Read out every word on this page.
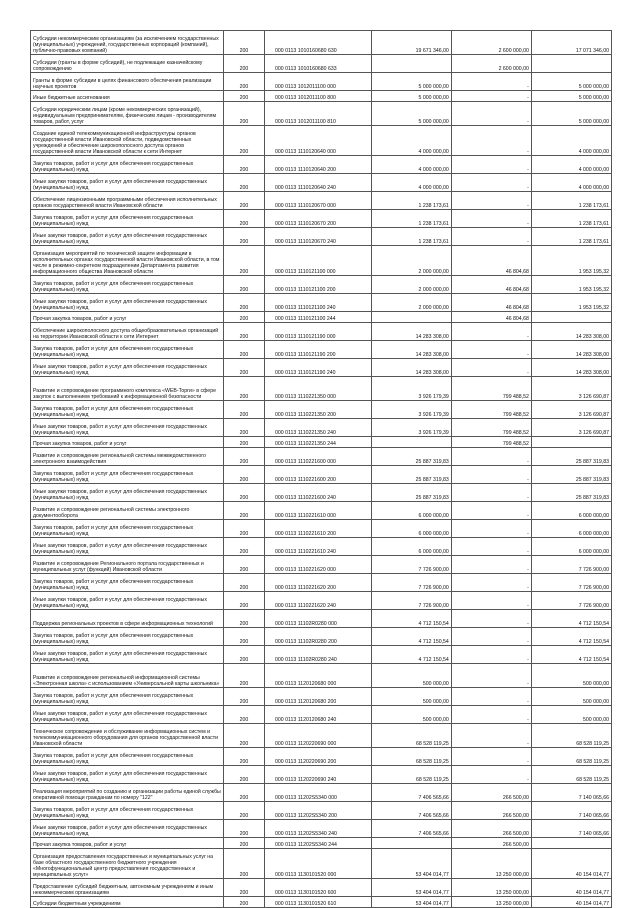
Субсидии некоммерческим организациям (за исключением государственных (муниципальных) учреждений, государственных корпораций (компаний), публично-правовых компаний)	200	000 0113 1010160680 630	19 671 346,00	2 600 000,00	17 071 346,00
Субсидии (гранты в форме субсидий), не подлежащие казначейскому сопровождению	200	000 0113 1010160680 633		2 600 000,00	
Гранты в форме субсидии в целях финансового обеспечения реализации научных проектов	200	000 0113 1012011100 000	5 000 000,00	-	5 000 000,00
Иные бюджетные ассигнования	200	000 0113 1012011100 800	5 000 000,00	-	5 000 000,00
Субсидии юридическим лицам (кроме некоммерческих организаций), индивидуальным предпринимателям, физическим лицам - производителям товаров, работ, услуг	200	000 0113 1012011100 810	5 000 000,00	-	5 000 000,00
Создание единой телекоммуникационной инфраструктуры органов государственной власти Ивановской области, подведомственных учреждений и обеспечение широкополосного доступа органов государственной власти Ивановской области к сети Интернет	200	000 0113 1110120640 000	4 000 000,00	-	4 000 000,00
Закупка товаров, работ и услуг для обеспечения государственных (муниципальных) нужд	200	000 0113 1110120640 200	4 000 000,00	-	4 000 000,00
Иные закупки товаров, работ и услуг для обеспечения государственных (муниципальных) нужд	200	000 0113 1110120640 240	4 000 000,00	-	4 000 000,00
Обеспечение лицензионными программными обеспечения исполнительных органов государственной власти Ивановской области	200	000 0113 1110120670 000	1 238 173,61	-	1 238 173,61
Закупка товаров, работ и услуг для обеспечения государственных (муниципальных) нужд	200	000 0113 1110120670 200	1 238 173,61	-	1 238 173,61
Иные закупки товаров, работ и услуг для обеспечения государственных (муниципальных) нужд	200	000 0113 1110120670 240	1 238 173,61	-	1 238 173,61
Организация мероприятий по технической защите информации в исполнительных органах государственной власти Ивановской области, в том числе в режимно-секретном подразделении Департамента развития информационного общества Ивановской области	200	000 0113 1110121100 000	2 000 000,00	46 804,68	1 953 195,32
Закупка товаров, работ и услуг для обеспечения государственных (муниципальных) нужд	200	000 0113 1110121100 200	2 000 000,00	46 804,68	1 953 195,32
Иные закупки товаров, работ и услуг для обеспечения государственных (муниципальных) нужд	200	000 0113 1110121100 240	2 000 000,00	46 804,68	1 953 195,32
Прочая закупка товаров, работ и услуг	200	000 0113 1110121100 244		46 804,68	
Обеспечение широкополосного доступа общеобразовательных организаций на территории Ивановской области к сети Интернет	200	000 0113 1110121190 000	14 283 308,00	-	14 283 308,00
Закупка товаров, работ и услуг для обеспечения государственных (муниципальных) нужд	200	000 0113 1110121190 200	14 283 308,00	-	14 283 308,00
Иные закупки товаров, работ и услуг для обеспечения государственных (муниципальных) нужд	200	000 0113 1110121190 240	14 283 308,00	-	14 283 308,00
Развитие и сопровождение программного комплекса «WEB-Торги» в сфере закупок с выполнением требований к информационной безопасности	200	000 0113 1110221350 000	3 926 179,39	799 488,52	3 126 690,87
Закупка товаров, работ и услуг для обеспечения государственных (муниципальных) нужд	200	000 0113 1110221350 200	3 926 179,39	799 488,52	3 126 690,87
Иные закупки товаров, работ и услуг для обеспечения государственных (муниципальных) нужд	200	000 0113 1110221350 240	3 926 179,39	799 488,52	3 126 690,87
Прочая закупка товаров, работ и услуг	200	000 0113 1110221350 244		799 488,52	
Развитие и сопровождение региональной системы межведомственного электронного взаимодействия	200	000 0113 1110221600 000	25 887 319,83	-	25 887 319,83
Закупка товаров, работ и услуг для обеспечения государственных (муниципальных) нужд	200	000 0113 1110221600 200	25 887 319,83	-	25 887 319,83
Иные закупки товаров, работ и услуг для обеспечения государственных (муниципальных) нужд	200	000 0113 1110221600 240	25 887 319,83	-	25 887 319,83
Развитие и сопровождение региональной системы электронного документооборота	200	000 0113 1110221610 000	6 000 000,00	-	6 000 000,00
Закупка товаров, работ и услуг для обеспечения государственных (муниципальных) нужд	200	000 0113 1110221610 200	6 000 000,00	-	6 000 000,00
Иные закупки товаров, работ и услуг для обеспечения государственных (муниципальных) нужд	200	000 0113 1110221610 240	6 000 000,00	-	6 000 000,00
Развитие и сопровождение Регионального портала государственных и муниципальных услуг (функций) Ивановской области	200	000 0113 1110221620 000	7 726 900,00	-	7 726 900,00
Закупка товаров, работ и услуг для обеспечения государственных (муниципальных) нужд	200	000 0113 1110221620 200	7 726 900,00	-	7 726 900,00
Иные закупки товаров, работ и услуг для обеспечения государственных (муниципальных) нужд	200	000 0113 1110221620 240	7 726 900,00	-	7 726 900,00
Поддержка региональных проектов в сфере информационных технологий	200	000 0113 11102R0280 000	4 712 150,54	-	4 712 150,54
Закупка товаров, работ и услуг для обеспечения государственных (муниципальных) нужд	200	000 0113 11102R0280 200	4 712 150,54	-	4 712 150,54
Иные закупки товаров, работ и услуг для обеспечения государственных (муниципальных) нужд	200	000 0113 11102R0280 240	4 712 150,54	-	4 712 150,54
Развитие и сопровождение региональной информационной системы «Электронная школа» с использованием «Универсальной карты школьника»	200	000 0113 1120120680 000	500 000,00	-	500 000,00
Закупка товаров, работ и услуг для обеспечения государственных (муниципальных) нужд	200	000 0113 1120120680 200	500 000,00	-	500 000,00
Иные закупки товаров, работ и услуг для обеспечения государственных (муниципальных) нужд	200	000 0113 1120120680 240	500 000,00	-	500 000,00
Техническое сопровождение и обслуживание информационных систем и телекоммуникационного оборудования для органов государственной власти Ивановской области	200	000 0113 1120220690 000	68 528 119,25	-	68 528 119,25
Закупка товаров, работ и услуг для обеспечения государственных (муниципальных) нужд	200	000 0113 1120220690 200	68 528 119,25	-	68 528 119,25
Иные закупки товаров, работ и услуг для обеспечения государственных (муниципальных) нужд	200	000 0113 1120220690 240	68 528 119,25	-	68 528 119,25
Реализация мероприятий по созданию и организации работы единой службы оперативной помощи гражданам по номеру "122"	200	000 0113 11202S5340 000	7 406 565,66	266 500,00	7 140 065,66
Закупка товаров, работ и услуг для обеспечения государственных (муниципальных) нужд	200	000 0113 11202S5340 200	7 406 565,66	266 500,00	7 140 065,66
Иные закупки товаров, работ и услуг для обеспечения государственных (муниципальных) нужд	200	000 0113 11202S5340 240	7 406 565,66	266 500,00	7 140 065,66
Прочая закупка товаров, работ и услуг	200	000 0113 11202S5340 244		266 500,00	
Организация предоставления государственных и муниципальных услуг на базе областного государственного бюджетного учреждения «Многофункциональный центр предоставления государственных и муниципальных услуг»	200	000 0113 1130101520 000	53 404 014,77	13 250 000,00	40 154 014,77
Предоставление субсидий бюджетным, автономным учреждениям и иным некоммерческим организациям	200	000 0113 1130101520 600	53 404 014,77	13 250 000,00	40 154 014,77
Субсидии бюджетным учреждениям	200	000 0113 1130101520 610	53 404 014,77	13 250 000,00	40 154 014,77
